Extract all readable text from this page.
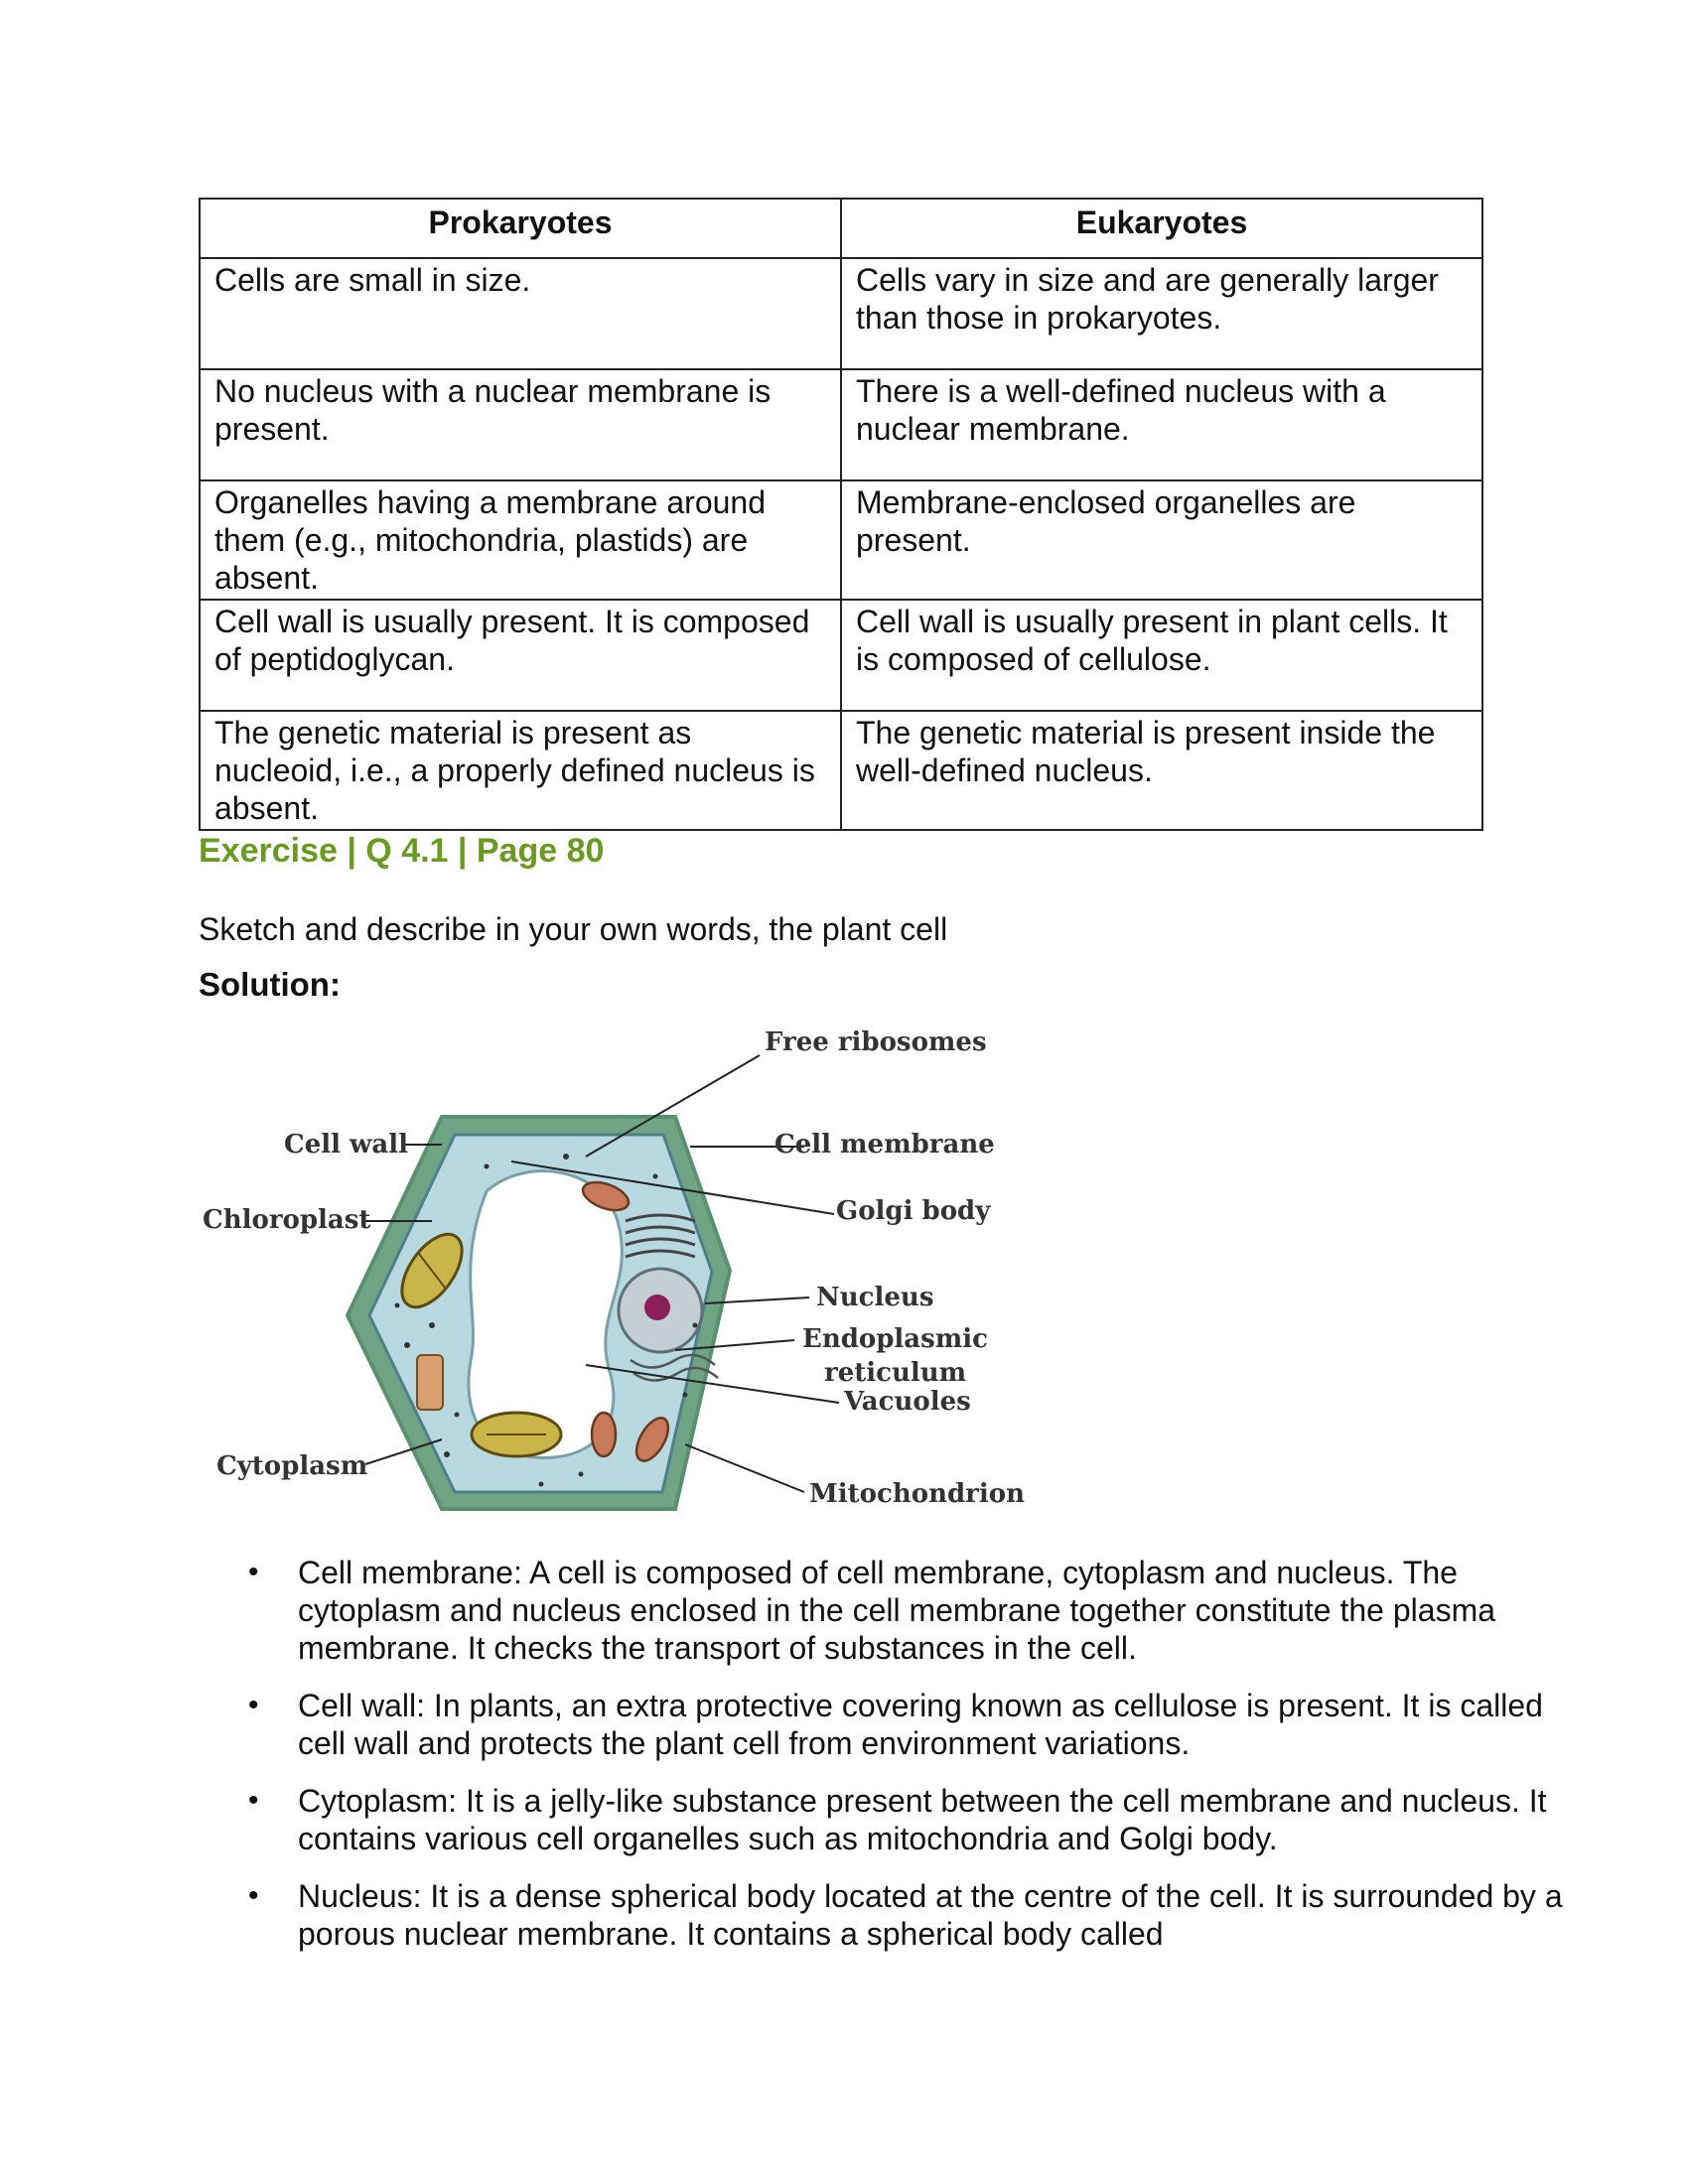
Prokaryotes	Eukaryotes
Cells are small in size.	Cells vary in size and are generally larger than those in prokaryotes.
No nucleus with a nuclear membrane is present.	There is a well-defined nucleus with a nuclear membrane.
Organelles having a membrane around them (e.g., mitochondria, plastids) are absent.	Membrane-enclosed organelles are present.
Cell wall is usually present. It is composed of peptidoglycan.	Cell wall is usually present in plant cells. It is composed of cellulose.
The genetic material is present as nucleoid, i.e., a properly defined nucleus is absent.	The genetic material is present inside the well-defined nucleus.
Exercise | Q 4.1 | Page 80
Sketch and describe in your own words, the plant cell
Solution:
Free ribosomes
Cell wall	Cell membrane
Golgi body
Chloroplast
Nucleus
Endoplasmic
reticulum
Vacuoles
Cytoplasm
Mitochondrion
• Cell membrane: A cell is composed of cell membrane, cytoplasm and nucleus. The cytoplasm and nucleus enclosed in the cell membrane together constitute the plasma membrane. It checks the transport of substances in the cell.
• Cell wall: In plants, an extra protective covering known as cellulose is present. It is called cell wall and protects the plant cell from environment variations.
• Cytoplasm: It is a jelly-like substance present between the cell membrane and nucleus. It contains various cell organelles such as mitochondria and Golgi body.
• Nucleus: It is a dense spherical body located at the centre of the cell. It is surrounded by a porous nuclear membrane. It contains a spherical body called
